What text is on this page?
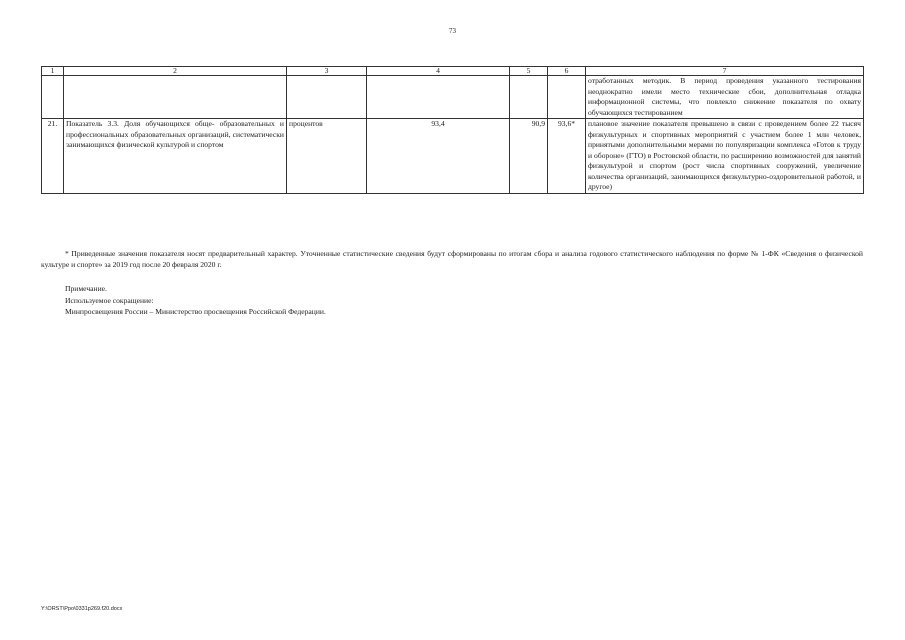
73
1	2	3	4	5	6	7
						отработанных методик. В период проведения указанного тестирования неоднократно имели место технические сбои, дополнительная отладка информационной системы, что повлекло снижение показателя по охвату обучающихся тестированием
21.	Показатель 3.3. Доля обучающихся обще- образовательных и профессиональных образовательных организаций, систематически занимающихся физической культурой и спортом	процентов	93,4	90,9	93,6*	плановое значение показателя превышено в связи с проведением более 22 тысяч физкультурных и спортивных мероприятий с участием более 1 млн человек, принятыми дополнительными мерами по популяризации комплекса «Готов к труду и обороне» (ГТО) в Ростовской области, по расширению возможностей для занятий физкультурой и спортом (рост числа спортивных сооружений, увеличение количества организаций, занимающихся физкультурно-оздоровительной работой, и другое)
* Приведенные значения показателя носят предварительный характер. Уточненные статистические сведения будут сформированы по итогам сбора и анализа годового статистического наблюдения по форме № 1-ФК «Сведения о физической культуре и спорте» за 2019 год после 20 февраля 2020 г.
Примечание.
Используемое сокращение:
Минпросвещения России – Министерство просвещения Российской Федерации.
Y:\ORST\Ppo\0331p269.f20.docx
